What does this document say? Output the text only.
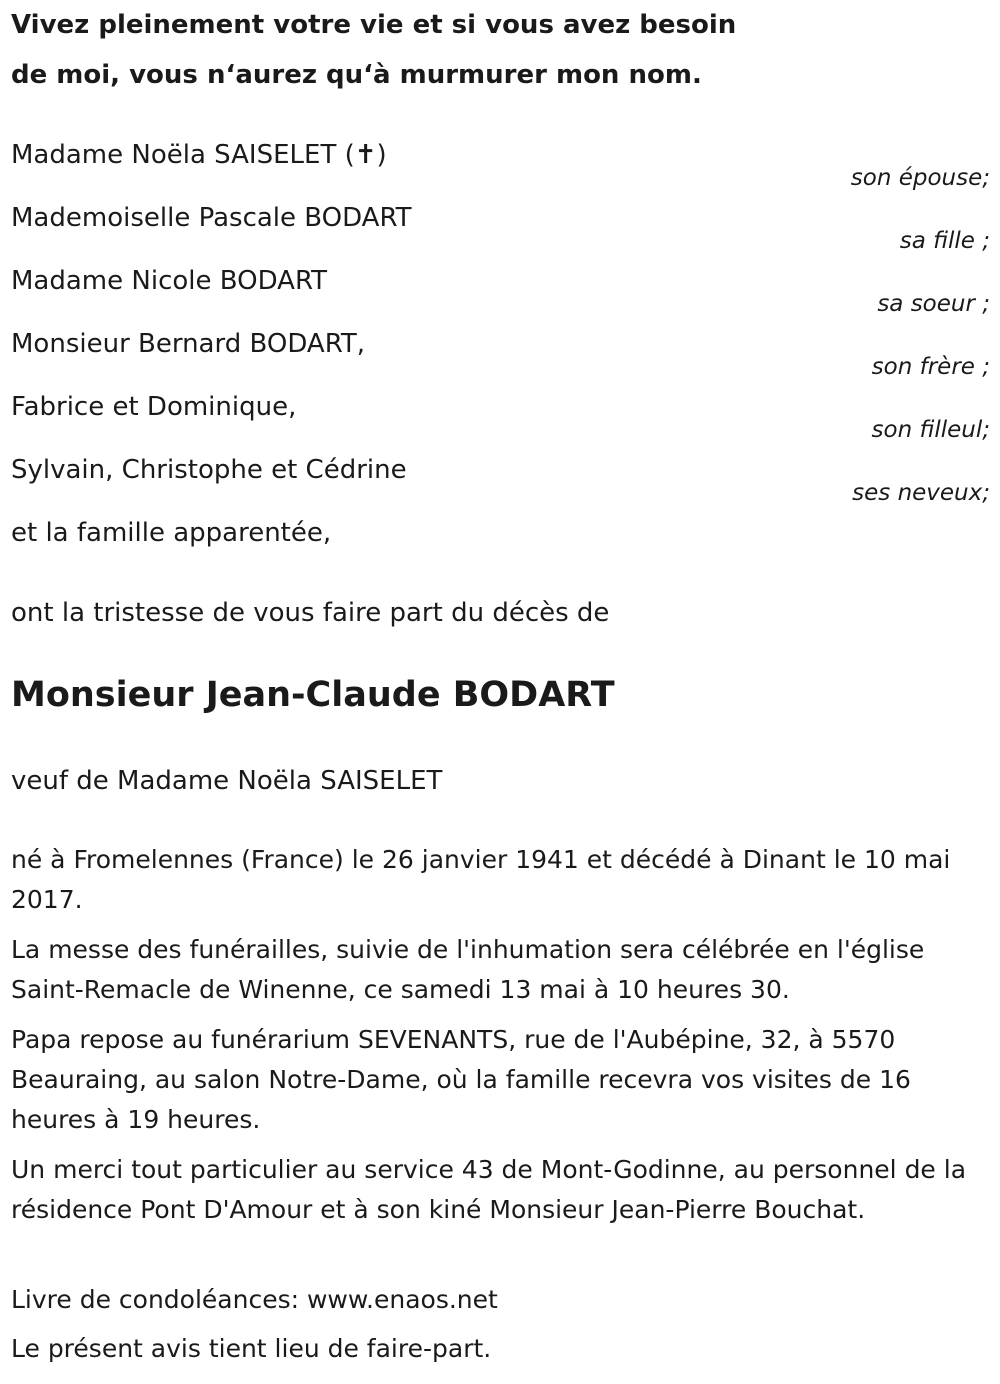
Vivez pleinement votre vie et si vous avez besoin
de moi, vous n‘aurez qu‘à murmurer mon nom.
Madame Noëla SAISELET (✝)
son épouse;
Mademoiselle Pascale BODART
sa fille ;
Madame Nicole BODART
sa soeur ;
Monsieur Bernard BODART,
son frère ;
Fabrice et Dominique,
son filleul;
Sylvain, Christophe et Cédrine
ses neveux;
et la famille apparentée,
ont la tristesse de vous faire part du décès de
Monsieur Jean-Claude BODART
veuf de Madame Noëla SAISELET
né à Fromelennes (France) le 26 janvier 1941 et décédé à Dinant le 10 mai 2017.
La messe des funérailles, suivie de l'inhumation sera célébrée en l'église Saint-Remacle de Winenne, ce samedi 13 mai à 10 heures 30.
Papa repose au funérarium SEVENANTS, rue de l'Aubépine, 32, à 5570 Beauraing, au salon Notre-Dame, où la famille recevra vos visites de 16 heures à 19 heures.
Un merci tout particulier au service 43 de Mont-Godinne, au personnel de la résidence Pont D'Amour et à son kiné Monsieur Jean-Pierre Bouchat.
Livre de condoléances: www.enaos.net
Le présent avis tient lieu de faire-part.
